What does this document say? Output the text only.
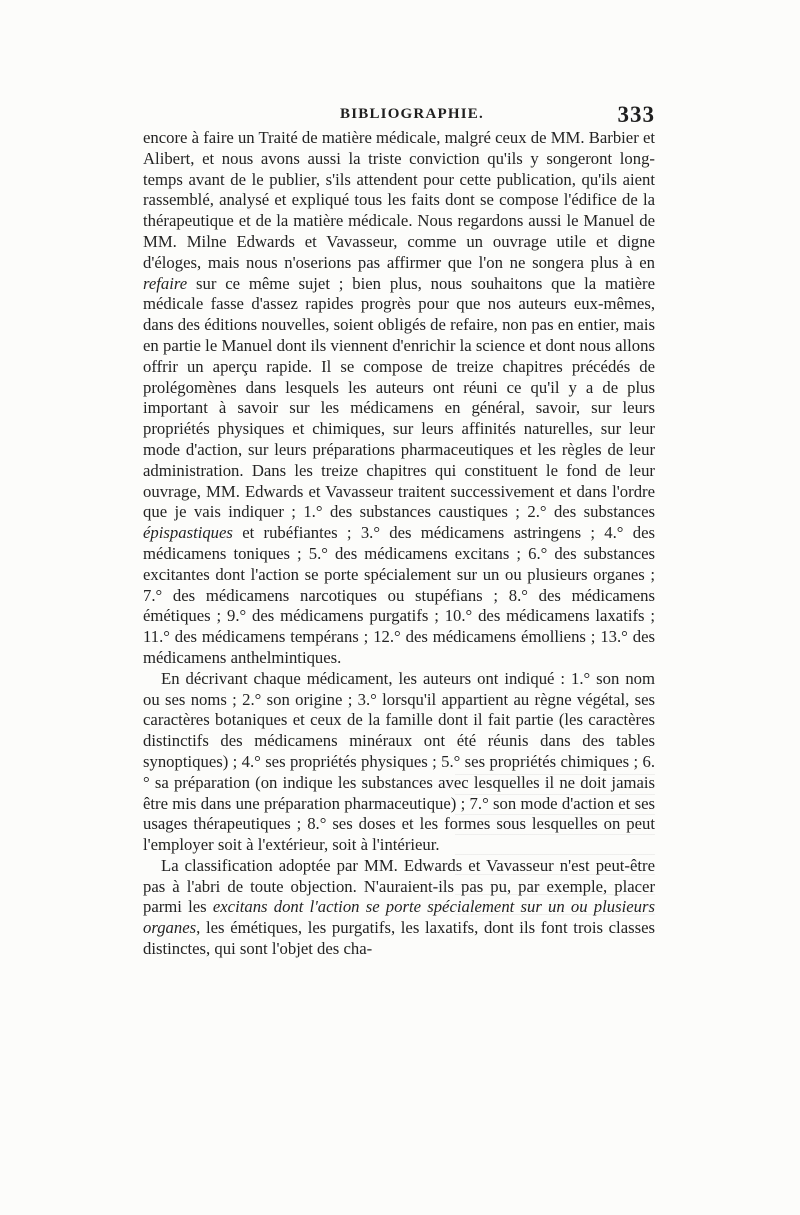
BIBLIOGRAPHIE.	333

encore à faire un Traité de matière médicale, malgré ceux de MM. Barbier et Alibert, et nous avons aussi la triste conviction qu'ils y songeront long-temps avant de le publier, s'ils attendent pour cette publication, qu'ils aient rassemblé, analysé et expliqué tous les faits dont se compose l'édifice de la thérapeutique et de la matière médicale. Nous regardons aussi le Manuel de MM. Milne Edwards et Vavasseur, comme un ouvrage utile et digne d'éloges, mais nous n'oserions pas affirmer que l'on ne songera plus à en refaire sur ce même sujet ; bien plus, nous souhaitons que la matière médicale fasse d'assez rapides progrès pour que nos auteurs eux-mêmes, dans des éditions nouvelles, soient obligés de refaire, non pas en entier, mais en partie le Manuel dont ils viennent d'enrichir la science et dont nous allons offrir un aperçu rapide. Il se compose de treize chapitres précédés de prolégomènes dans lesquels les auteurs ont réuni ce qu'il y a de plus important à savoir sur les médicamens en général, savoir, sur leurs propriétés physiques et chimiques, sur leurs affinités naturelles, sur leur mode d'action, sur leurs préparations pharmaceutiques et les règles de leur administration. Dans les treize chapitres qui constituent le fond de leur ouvrage, MM. Edwards et Vavasseur traitent successivement et dans l'ordre que je vais indiquer ; 1.° des substances caustiques ; 2.° des substances épispastiques et rubéfiantes ; 3.° des médicamens astringens ; 4.° des médicamens toniques ; 5.° des médicamens excitans ; 6.° des substances excitantes dont l'action se porte spécialement sur un ou plusieurs organes ; 7.° des médicamens narcotiques ou stupéfians ; 8.° des médicamens émétiques ; 9.° des médicamens purgatifs ; 10.° des médicamens laxatifs ; 11.° des médicamens tempérans ; 12.° des médicamens émolliens ; 13.° des médicamens anthelmintiques.

En décrivant chaque médicament, les auteurs ont indiqué : 1.° son nom ou ses noms ; 2.° son origine ; 3.° lorsqu'il appartient au règne végétal, ses caractères botaniques et ceux de la famille dont il fait partie (les caractères distinctifs des médicamens minéraux ont été réunis dans des tables synoptiques) ; 4.° ses propriétés physiques ; 5.° ses propriétés chimiques ; 6.° sa préparation (on indique les substances avec lesquelles il ne doit jamais être mis dans une préparation pharmaceutique) ; 7.° son mode d'action et ses usages thérapeutiques ; 8.° ses doses et les formes sous lesquelles on peut l'employer soit à l'extérieur, soit à l'intérieur.

La classification adoptée par MM. Edwards et Vavasseur n'est peut-être pas à l'abri de toute objection. N'auraient-ils pas pu, par exemple, placer parmi les excitans dont l'action se porte spécialement sur un ou plusieurs organes, les émétiques, les purgatifs, les laxatifs, dont ils font trois classes distinctes, qui sont l'objet des cha-
